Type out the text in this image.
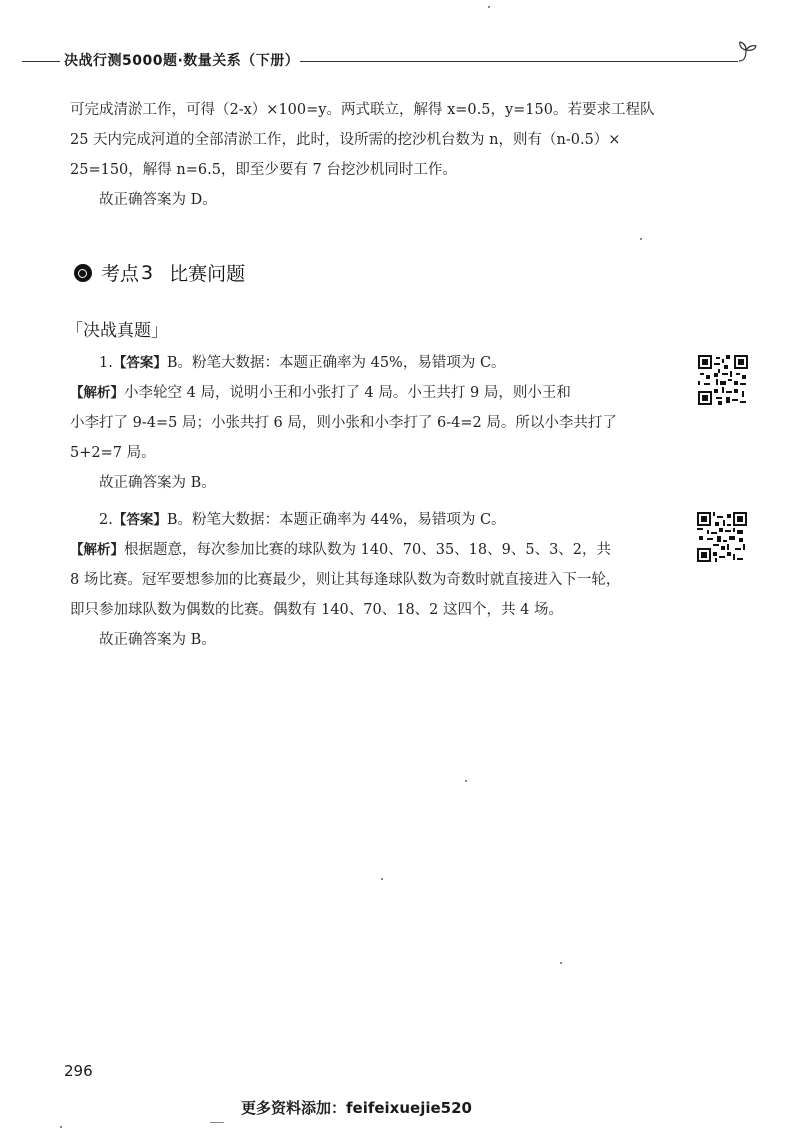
决战行测5000题·数量关系（下册）
可完成清淤工作，可得（2-x）×100=y。两式联立，解得 x=0.5，y=150。若要求工程队
25 天内完成河道的全部清淤工作，此时，设所需的挖沙机台数为 n，则有（n-0.5）×
25=150，解得 n=6.5，即至少要有 7 台挖沙机同时工作。
故正确答案为 D。
考点 3 比赛问题
「决战真题」
1.【答案】B。粉笔大数据：本题正确率为 45%，易错项为 C。
【解析】小李轮空 4 局，说明小王和小张打了 4 局。小王共打 9 局，则小王和
小李打了 9-4=5 局；小张共打 6 局，则小张和小李打了 6-4=2 局。所以小李共打了
5+2=7 局。
故正确答案为 B。
2.【答案】B。粉笔大数据：本题正确率为 44%，易错项为 C。
【解析】根据题意，每次参加比赛的球队数为 140、70、35、18、9、5、3、2，共
8 场比赛。冠军要想参加的比赛最少，则让其每逢球队数为奇数时就直接进入下一轮，
即只参加球队数为偶数的比赛。偶数有 140、70、18、2 这四个，共 4 场。
故正确答案为 B。
296
更多资料添加：feifeixuejie520
